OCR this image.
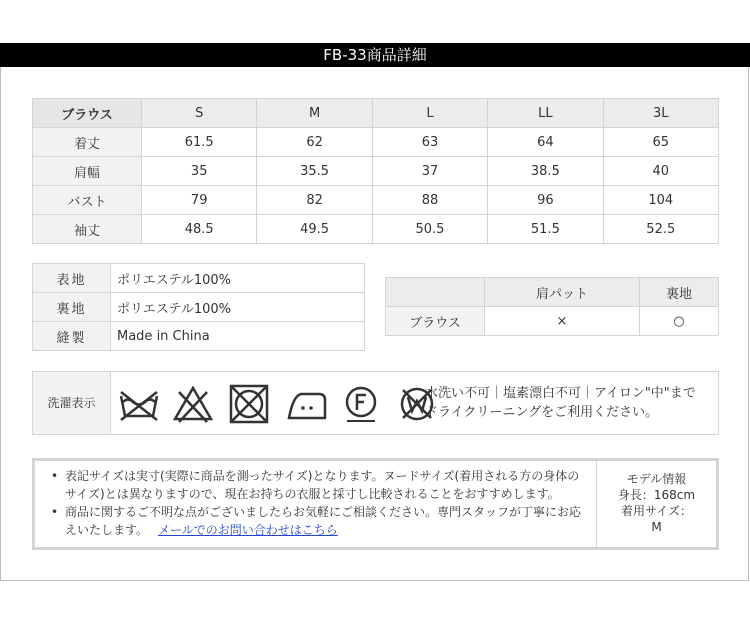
FB-33商品詳細
ブラウス	S	M	L	LL	3L
着丈	61.5	62	63	64	65
肩幅	35	35.5	37	38.5	40
バスト	79	82	88	96	104
袖丈	48.5	49.5	50.5	51.5	52.5
表地	ポリエステル100%
裏地	ポリエステル100%
縫製	Made in China
	肩パット	裏地
ブラウス	×	○
洗濯表示
水洗い不可｜塩素漂白不可｜アイロン"中"まで
ドライクリーニングをご利用ください。
• 表記サイズは実寸(実際に商品を測ったサイズ)となります。ヌードサイズ(着用される方の身体の
サイズ)とは異なりますので、現在お持ちの衣服と採寸し比較されることをおすすめします。
• 商品に関するご不明な点がございましたらお気軽にご相談ください。専門スタッフが丁寧にお応
えいたします。 メールでのお問い合わせはこちら
モデル情報
身長：168cm
着用サイズ：
M
